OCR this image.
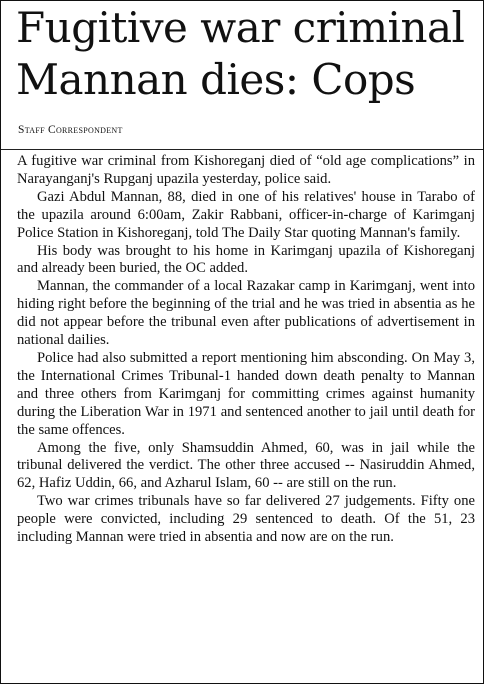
Fugitive war criminal
Mannan dies: Cops

Staff Correspondent

A fugitive war criminal from Kishoreganj died of “old age complications” in Narayanganj's Rupganj upazila yesterday, police said.

Gazi Abdul Mannan, 88, died in one of his relatives' house in Tarabo of the upazila around 6:00am, Zakir Rabbani, officer-in-charge of Karimganj Police Station in Kishoreganj, told The Daily Star quoting Mannan's family.

His body was brought to his home in Karimganj upazila of Kishoreganj and already been buried, the OC added.

Mannan, the commander of a local Razakar camp in Karimganj, went into hiding right before the beginning of the trial and he was tried in absentia as he did not appear before the tribunal even after publications of advertisement in national dailies.

Police had also submitted a report mentioning him absconding. On May 3, the International Crimes Tribunal-1 handed down death penalty to Mannan and three others from Karimganj for committing crimes against humanity during the Liberation War in 1971 and sentenced another to jail until death for the same offences.

Among the five, only Shamsuddin Ahmed, 60, was in jail while the tribunal delivered the verdict. The other three accused -- Nasiruddin Ahmed, 62, Hafiz Uddin, 66, and Azharul Islam, 60 -- are still on the run.

Two war crimes tribunals have so far delivered 27 judgements. Fifty one people were convicted, including 29 sentenced to death. Of the 51, 23 including Mannan were tried in absentia and now are on the run.
